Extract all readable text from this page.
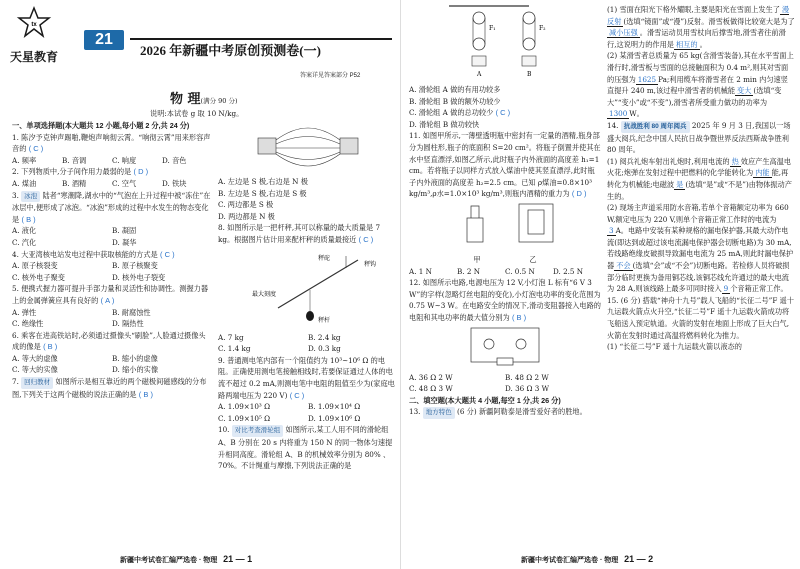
tx
21
天星教育	2026 年新疆中考原创预测卷(一)
答案详见答案部分 P52
物 理(满分 90 分)
说明:本试卷 g 取 10 N/kg。
一、单项选择题(本大题共 12 小题,每小题 2 分,共 24 分)
1. 陈汐予克钟声踢啪,鞭炮声响彻云霄。“响彻云霄”用来形容声音的 ( C )
A. 频率	B. 音调	C. 响度	D. 音色
2. 下列物质中,分子间作用力最弱的是 ( D )
A. 煤油	B. 酒精	C. 空气	D. 铁块
3. 冰泡 陆者“寒潮降,湖水中的“气泡在上升过程中被“冻住”在冰层中,便形成了冰泡。“冰泡”形成的过程中水发生的物态变化是 ( B )
A. 液化	B. 凝固
C. 汽化	D. 凝华
4. 大亚湾核电站发电过程中获取核能的方式是 ( C )
A. 原子核裂变	B. 原子核聚变
C. 核外电子聚变	D. 核外电子裂变
5. 便携式握力器可提升手部力量和灵活性和协调性。测握力器上的金属弹簧应具有良好的 ( A )
A. 弹性	B. 耐腐蚀性
C. 绝缘性	D. 隔热性
6. 乘客在进高铁站时,必须通过摄像头“刷脸”,人脸通过摄像头成的像是 ( B )
A. 等大的虚像	B. 缩小的虚像
C. 等大的实像	D. 缩小的实像
7. 回归教材 如图所示是相互靠近的两个磁极间磁感线的分布图,下列关于这两个磁极的说法正确的是 ( B )
A. 左边是 S 极,右边是 N 极
B. 左边是 S 极,右边是 S 极
C. 两边都是 S 极
D. 两边都是 N 极
8. 如图所示是一把杆秤,其可以称量的最大质量是 7 kg。根据图片估计用来配杆秤的质量最接近 ( C )
秤砣
秤钩
最大刻度
秤杆
A. 7 kg	B. 2.4 kg
C. 1.4 kg	D. 0.3 kg
9. 普通测电笔内部有一个阻值约为 10³~10⁶ Ω 的电阻。正确使用测电笔接触相线时,若要保证通过人体的电流不超过 0.2 mA,则测电笔中电阻的阻值至少为(家庭电路两端电压为 220 V) ( C )
A. 1.09×10³ Ω	B. 1.09×10⁴ Ω
C. 1.09×10⁵ Ω	D. 1.09×10⁶ Ω
10. 对比考查滑轮组 如图所示,某工人用不同的滑轮组 A、B 分别在 20 s 内将重为 150 N 的同一物体匀速提升相同高度。滑轮组 A、B 的机械效率分别为 80% 、70%。不计绳重与摩擦,下列说法正确的是
新疆中考试卷汇编严选卷 · 物理 21 — 1
F₁	F₂
A	B
A. 滑轮组 A 做的有用功较多
B. 滑轮组 B 做的额外功较少
C. 滑轮组 A 做的总功较少 ( C )
D. 滑轮组 B 做功较快
11. 如图甲所示,一薄壁透明瓶中密封有一定量的酒精,瓶身部分为圆柱形,瓶子的底面积 S=20 cm²。将瓶子倒置并使其在水中竖直漂浮,如图乙所示,此时瓶子内外液面的高度差 h₁=1 cm。若将瓶子以同样方式放入煤油中使其竖直漂浮,此时瓶子内外液面的高度差 h₂=2.5 cm。已知 ρ煤油=0.8×10³ kg/m³,ρ水=1.0×10³ kg/m³,则瓶内酒精的重力为 ( D )
甲	乙
A. 1 N	B. 2 N	C. 0.5 N	D. 2.5 N
12. 如图所示电路,电源电压为 12 V,小灯泡 L 标有“6 V 3 W”的字样(忽略灯丝电阻的变化),小灯泡电功率的变化范围为 0.75 W~3 W。在电路安全的情况下,滑动变阻器接入电路的电阻和其电功率的最大值分别为 ( B )
A. 36 Ω 2 W	B. 48 Ω 2 W
C. 48 Ω 3 W	D. 36 Ω 3 W
二、填空题(本大题共 4 小题,每空 1 分,共 26 分)
13. 地方特色 (6 分) 新疆阿勒泰是滑雪爱好者的胜地。
(1) 雪面在阳光下格外耀眼,主要是阳光在雪面上发生了 漫反射 (选填“镜面”或“漫”)反射。滑雪板做得比较宽大是为了减小压强 。滑雪运动员用雪杖向后撑雪地,滑雪者往前滑行,这说明力的作用是 相互的 。
(2) 某滑雪者总质量为 65 kg(含滑雪装备),其在水平雪面上滑行时,滑雪板与雪面的总接触面积为 0.4 m²,则其对雪面的压强为 1625 Pa;利用缆车将滑雪者在 2 min 内匀速竖直提升 240 m,该过程中滑雪者的机械能 变大 (选填“变大”“变小”或“不变”),滑雪者所受重力做功的功率为1300 W。
14. 抗战胜利 80 周年阅兵 2025 年 9 月 3 日,我国以一场盛大阅兵,纪念中国人民抗日战争暨世界反法西斯战争胜利 80 周年。
(1) 阅兵礼炮车射出礼炮时,利用电流的 热 效应产生高温电火花;炮弹在发射过程中把燃料的化学能转化为 内能 能,再转化为机械能;电磁波 是 (选填“是”或“不是”)由物体振动产生的。
(2) 现场主声道采用防水音箱,若单个音箱额定功率为 660 W,额定电压为 220 V,则单个音箱正常工作时的电流为3 A。电路中安装有某种规格的漏电保护器,其最大动作电流(即达到或超过该电流漏电保护器会切断电路)为 30 mA,若线路绝缘皮破损导致漏电电流为 25 mA,则此时漏电保护器 不会 (选填“会”或“不会”)切断电路。若检修人员将破损部分临时更换为备用铜芯线,该铜芯线允许通过的最大电流为 28 A,则该线路上最多可同时接入 9 个音箱正常工作。
15. (6 分) 搭载“神舟十九号”载人飞船的“长征二号”F 遥十九运载火箭点火升空,“长征二号”F 遥十九运载火箭成功将飞船送入预定轨道。火箭的发射在地面上形成了巨大白气,火箭在发射时通过高温将燃料转化为推力。
(1) “长征二号”F 遥十九运载火箭以液态的
新疆中考试卷汇编严选卷 · 物理 21 — 2
